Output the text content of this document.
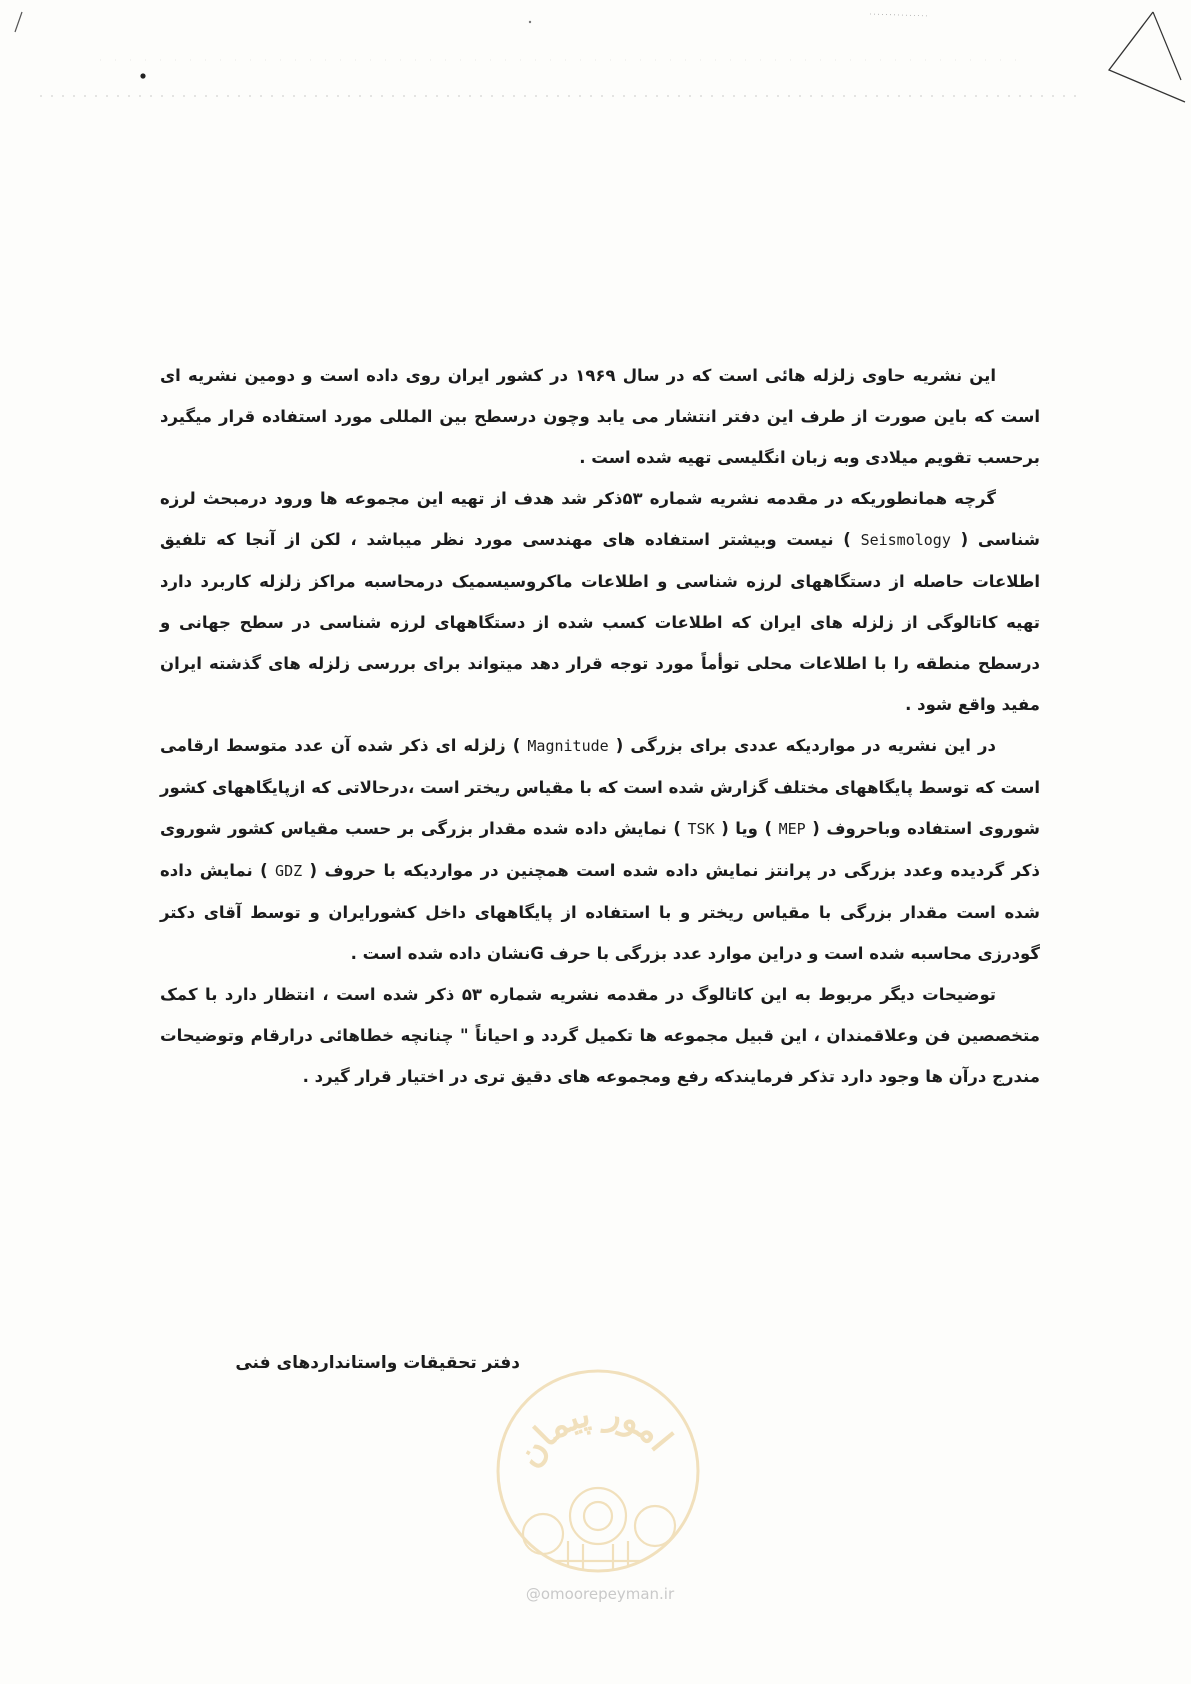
این نشریه حاوی زلزله هائی است که در سال ۱۹۶۹ در کشور ایران روی داده است و دومین نشریه ای است که باین صورت از طرف این دفتر انتشار می یابد وچون درسطح بین المللی مورد استفاده قرار میگیرد برحسب تقویم میلادی وبه زبان انگلیسی تهیه شده است .

گرچه همانطوریکه در مقدمه نشریه شماره ۵۳ذکر شد هدف از تهیه این مجموعه ها ورود درمبحث لرزه شناسی ( Seismology ) نیست وبیشتر استفاده های مهندسی مورد نظر میباشد ، لکن از آنجا که تلفیق اطلاعات حاصله از دستگاههای لرزه شناسی و اطلاعات ماکروسیسمیک درمحاسبه مراکز زلزله کاربرد دارد تهیه کاتالوگی از زلزله های ایران که اطلاعات کسب شده از دستگاههای لرزه شناسی در سطح جهانی و درسطح منطقه را با اطلاعات محلی توأماً مورد توجه قرار دهد میتواند برای بررسی زلزله های گذشته ایران مفید واقع شود .

در این نشریه در مواردیکه عددی برای بزرگی ( Magnitude ) زلزله ای ذکر شده آن عدد متوسط ارقامی است که توسط پایگاههای مختلف گزارش شده است که با مقیاس ریختر است ،درحالاتی که ازپایگاههای کشور شوروی استفاده وباحروف ( MEP ) ویا ( TSK ) نمایش داده شده مقدار بزرگی بر حسب مقیاس کشور شوروی ذکر گردیده وعدد بزرگی در پرانتز نمایش داده شده است همچنین در مواردیکه با حروف ( GDZ ) نمایش داده شده است مقدار بزرگی با مقیاس ریختر و با استفاده از پایگاههای داخل کشورایران و توسط آقای دکتر گودرزی محاسبه شده است و دراین موارد عدد بزرگی با حرف Gنشان داده شده است .

توضیحات دیگر مربوط به این کاتالوگ در مقدمه نشریه شماره ۵۳ ذکر شده است ، انتظار دارد با کمک متخصصین فن وعلاقمندان ، این قبیل مجموعه ها تکمیل گردد و احیاناً " چنانچه خطاهائی درارقام وتوضیحات مندرج درآن ها وجود دارد تذکر فرمایندکه رفع ومجموعه های دقیق تری در اختیار قرار گیرد .

دفتر تحقیقات واستانداردهای فنی
امور پیمان
@omoorepeyman.ir
